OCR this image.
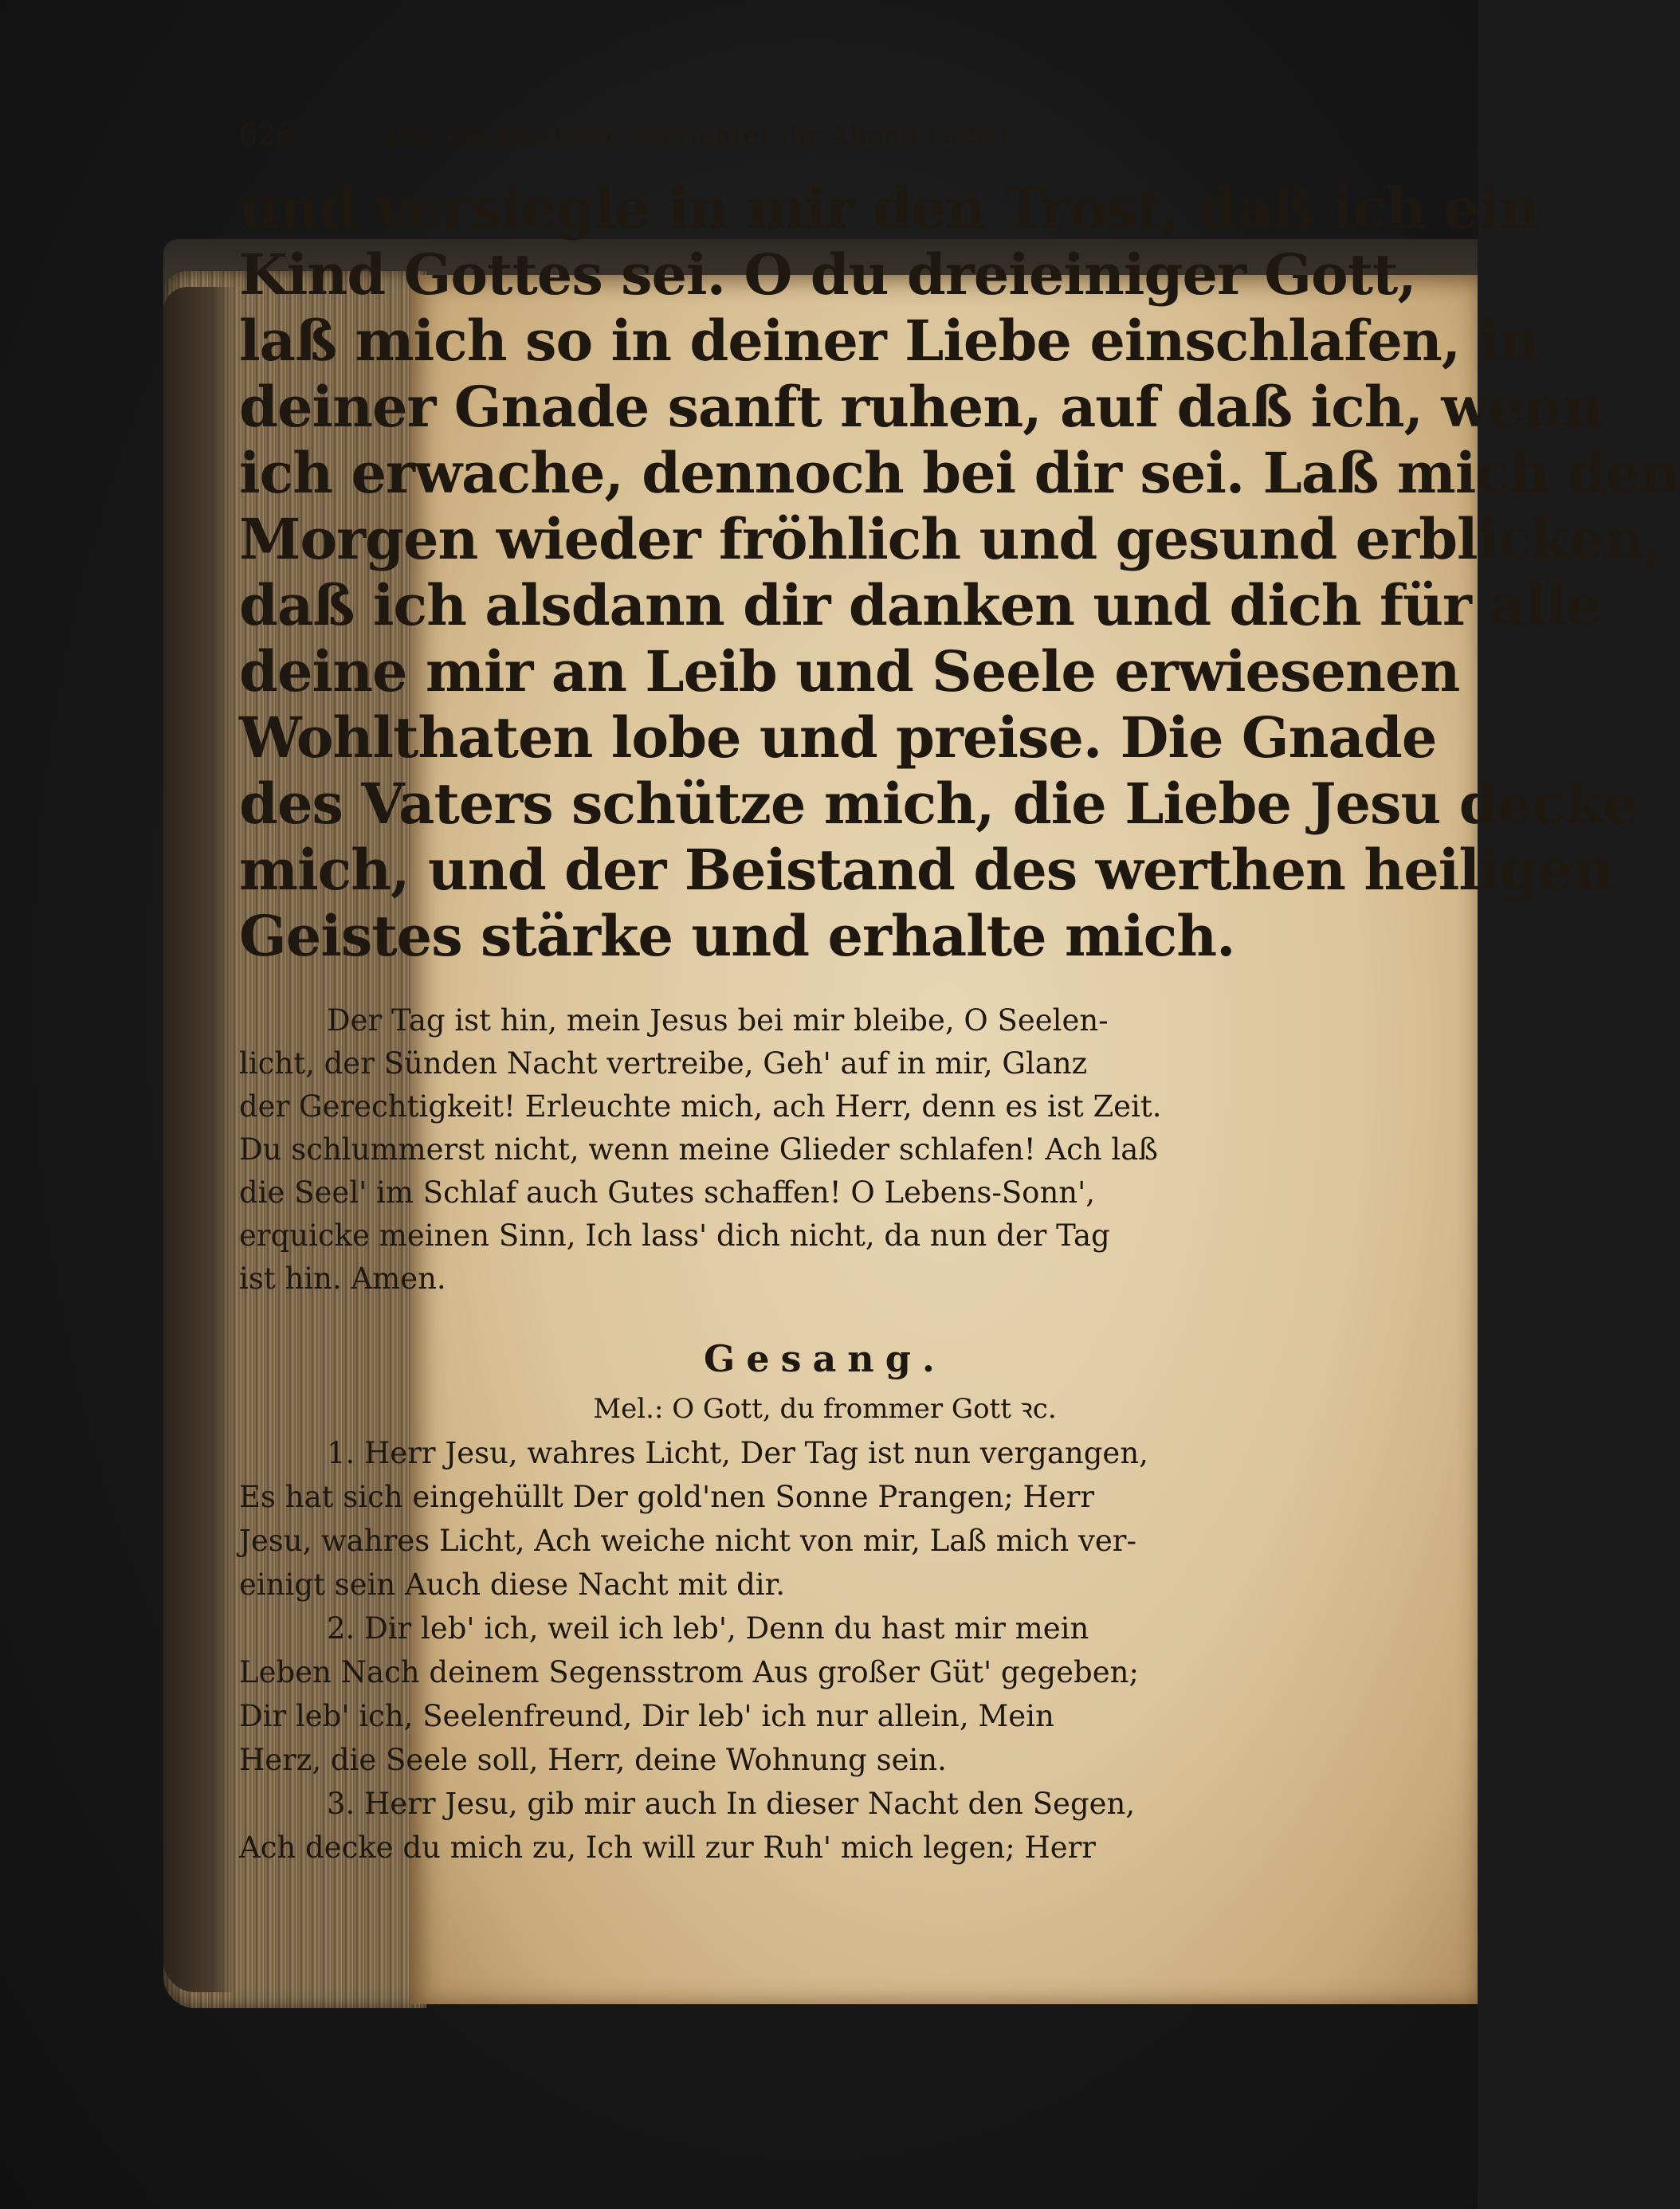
626	Die Kindbetterin verrichtet ihr Abend-Gebet.
und versiegle in mir den Trost, daß ich ein
Kind Gottes sei. O du dreieiniger Gott,
laß mich so in deiner Liebe einschlafen, in
deiner Gnade sanft ruhen, auf daß ich, wenn
ich erwache, dennoch bei dir sei. Laß mich den
Morgen wieder fröhlich und gesund erblicken,
daß ich alsdann dir danken und dich für alle
deine mir an Leib und Seele erwiesenen
Wohlthaten lobe und preise. Die Gnade
des Vaters schütze mich, die Liebe Jesu decke
mich, und der Beistand des werthen heiligen
Geistes stärke und erhalte mich.
Der Tag ist hin, mein Jesus bei mir bleibe, O Seelen-
licht, der Sünden Nacht vertreibe, Geh' auf in mir, Glanz
der Gerechtigkeit! Erleuchte mich, ach Herr, denn es ist Zeit.
Du schlummerst nicht, wenn meine Glieder schlafen! Ach laß
die Seel' im Schlaf auch Gutes schaffen! O Lebens-Sonn',
erquicke meinen Sinn, Ich lass' dich nicht, da nun der Tag
ist hin. Amen.
Gesang.
Mel.: O Gott, du frommer Gott ꝛc.
1. Herr Jesu, wahres Licht, Der Tag ist nun vergangen,
Es hat sich eingehüllt Der gold'nen Sonne Prangen; Herr
Jesu, wahres Licht, Ach weiche nicht von mir, Laß mich ver-
einigt sein Auch diese Nacht mit dir.
2. Dir leb' ich, weil ich leb', Denn du hast mir mein
Leben Nach deinem Segensstrom Aus großer Güt' gegeben;
Dir leb' ich, Seelenfreund, Dir leb' ich nur allein, Mein
Herz, die Seele soll, Herr, deine Wohnung sein.
3. Herr Jesu, gib mir auch In dieser Nacht den Segen,
Ach decke du mich zu, Ich will zur Ruh' mich legen; Herr
